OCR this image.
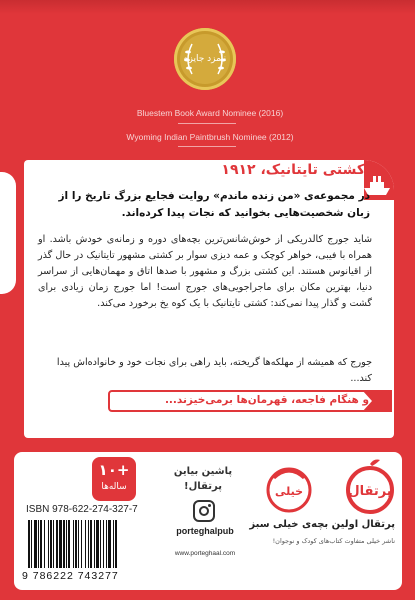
نامزد جایزه
Bluestem Book Award Nominee (2016)
Wyoming Indian Paintbrush Nominee (2012)
کشتی تایتانیک، ۱۹۱۲
در مجموعه‌ی «من زنده ماندم» روایت فجایع بزرگ تاریخ را از زبان شخصیت‌هایی بخوانید که نجات پیدا کرده‌اند.
شاید جورج کالدریکی از خوش‌شانس‌ترین بچه‌های دوره و زمانه‌ی خودش باشد. او همراه با فیبی، خواهر کوچک و عمه دیزی سوار بر کشتی مشهور تایتانیک در حال گذر از اقیانوس هستند. این کشتی بزرگ و مشهور با صدها اتاق و مهمان‌هایی از سراسر دنیا، بهترین مکان برای ماجراجویی‌های جورج است! اما جورج زمان زیادی برای گشت و گذار پیدا نمی‌کند: کشتی تایتانیک با یک کوه یخ برخورد می‌کند.
جورج که همیشه از مهلکه‌ها گریخته، باید راهی برای نجات خود و خانواده‌اش پیدا کند...
و هنگام فاجعه، قهرمان‌ها برمی‌خیزند...
پرتقال
خیلی
پرتقال اولین بچه‌ی خیلی سبز
ناشر خیلی متفاوت کتاب‌های کودک و نوجوان!
پاشین بیاین
پرتقال!
porteghalpub
www.porteghaal.com
+۱۰
ساله‌ها
ISBN 978-622-274-327-7
9 786222 743277
